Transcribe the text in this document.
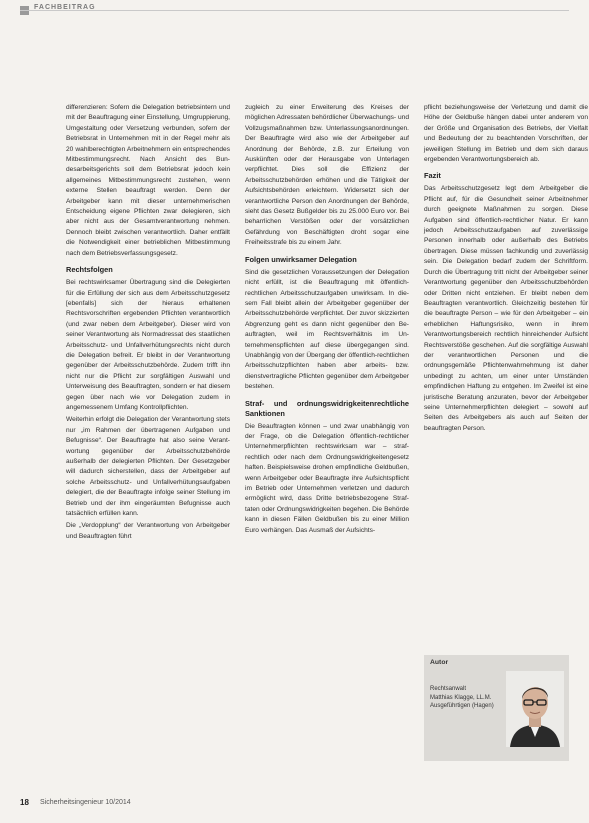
FACHBEITRAG

differenzieren: Sofern die Delegation betriebsintern und mit der Beauftragung einer Einstellung, Umgruppierung, Umgestaltung oder Versetzung verbunden, sofern der Betriebsrat in Unternehmen mit in der Regel mehr als 20 wahlberechtigten Arbeitnehmern ein entsprechendes Mitbestimmungsrecht. Nach Ansicht des Bundesarbeitsgerichts soll dem Betriebsrat jedoch kein allgemeines Mitbestimmungsrecht zustehen, wenn externe Stellen beauftragt werden. Denn der Arbeitgeber kann mit dieser unternehmerischen Entscheidung eigene Pflichten zwar delegieren, sich aber nicht aus der Gesamtverantwortung nehmen. Dennoch bleibt zwischen verantwortlich. Daher entfällt die Notwendigkeit einer betrieblichen Mitbestimmung nach dem Betriebsverfassungsgesetz.

Rechtsfolgen

Bei rechtswirksamer Übertragung sind die Delegierten für die Erfüllung der sich aus dem Arbeitsschutzgesetz [ebenfalls] sich der hieraus erhaltenen Rechtsvorschriften ergebenden Pflichten verantwortlich (und zwar neben dem Arbeitgeber). Dieser wird von seiner Verantwortung als Normadressat des staatlichen Arbeitsschutz- und Unfallverhütungsrechts nicht durch die Delegation befreit. Er bleibt in der Verantwortung gegenüber der Arbeitsschutzbehörde. Zudem trifft ihn nicht nur die Pflicht zur sorgfältigen Auswahl und Unterweisung des Beauftragten, sondern er hat diesem gegen über nach wie vor Delegation zudem in angemessenem Umfang Kontrollpflichten.

Weiterhin erfolgt die Delegation der Verantwortung stets nur „im Rahmen der übertragenen Aufgaben und Befugnisse“. Der Beauftragte hat also seine Verantwortung gegenüber der Arbeitsschutzbehörde außerhalb der delegierten Pflichten. Der Gesetzgeber will dadurch sicherstellen, dass der Arbeitgeber auf solche Arbeitsschutz- und Unfallverhütungsaufgaben delegiert, die der Beauftragte infolge seiner Stellung im Betrieb und der ihm eingeräumten Befugnisse auch tatsächlich erfüllen kann.

Die „Verdopplung“ der Verantwortung von Arbeitgeber und Beauftragten führt

zugleich zu einer Erweiterung des Kreises der möglichen Adressaten behördlicher Überwachungs- und Vollzugsmaßnahmen bzw. Unterlassungsanordnungen. Der Beauftragte wird also wie der Arbeitgeber auf Anordnung der Behörde, z.B. zur Erteilung von Auskünften oder der Herausgabe von Unterlagen verpflichtet. Dies soll die Effizienz der Arbeitsschutzbehörden erhöhen und die Tätigkeit der Aufsichtsbehörden erleichtern. Widersetzt sich der verantwortliche Person den Anordnungen der Behörde, sieht das Gesetz Bußgelder bis zu 25.000 Euro vor. Bei beharrlichen Verstößen oder der vorsätzlichen Gefährdung von Beschäftigten droht sogar eine Freiheitsstrafe bis zu einem Jahr.

Folgen unwirksamer Delegation

Sind die gesetzlichen Voraussetzungen der Delegation nicht erfüllt, ist die Beauftragung mit öffentlich-rechtlichen Arbeitsschutzaufgaben unwirksam. In diesem Fall bleibt allein der Arbeitgeber gegenüber der Arbeitsschutzbehörde verpflichtet. Der zuvor skizzierten Abgrenzung geht es dann nicht gegenüber den Beauftragten, weil im Rechtsverhältnis im Unternehmenspflichten auf diese übergegangen sind. Unabhängig von der Übergang der öffentlich-rechtlichen Arbeitsschutzpflichten haben aber arbeits- bzw. dienstvertragliche Pflichten gegenüber dem Arbeitgeber bestehen.

Straf- und ordnungswidrigkeitenrechtliche Sanktionen

Die Beauftragten können – und zwar unabhängig von der Frage, ob die Delegation öffentlich-rechtlicher Unternehmerpflichten rechtswirksam war – strafrechtlich oder nach dem Ordnungswidrigkeitengesetz haften. Beispielsweise drohen empfindliche Geldbußen, wenn Arbeitgeber oder Beauftragte ihre Aufsichtspflicht im Betrieb oder Unternehmen verletzen und dadurch ermöglicht wird, dass Dritte betriebsbezogene Straftaten oder Ordnungswidrigkeiten begehen. Die Behörde kann in diesen Fällen Geldbußen bis zu einer Million Euro verhängen. Das Ausmaß der Aufsichts-

pflicht beziehungsweise der Verletzung und damit die Höhe der Geldbuße hängen dabei unter anderem von der Größe und Organisation des Betriebs, der Vielfalt und Bedeutung der zu beachtenden Vorschriften, der jeweiligen Stellung im Betrieb und dem sich daraus ergebenden Verantwortungsbereich ab.

Fazit

Das Arbeitsschutzgesetz legt dem Arbeitgeber die Pflicht auf, für die Gesundheit seiner Arbeitnehmer durch geeignete Maßnahmen zu sorgen. Diese Aufgaben sind öffentlich-rechtlicher Natur. Er kann jedoch Arbeitsschutzaufgaben auf zuverlässige Personen innerhalb oder außerhalb des Betriebs übertragen. Diese müssen fachkundig und zuverlässig sein. Die Delegation bedarf zudem der Schriftform. Durch die Übertragung tritt nicht der Arbeitgeber seiner Verantwortung gegenüber den Arbeitsschutzbehörden oder Dritten nicht entziehen. Er bleibt neben dem Beauftragten verantwortlich. Gleichzeitig bestehen für die beauftragte Person – wie für den Arbeitgeber – ein erheblichen Haftungsrisiko, wenn in ihrem Verantwortungsbereich rechtlich hinreichender Aufsicht Rechtsverstöße geschehen. Auf die sorgfältige Auswahl der verantwortlichen Personen und die ordnungsgemäße Pflichtenwahrnehmung ist daher unbedingt zu achten, um einer unter Umständen empfindlichen Haftung zu entgehen. Im Zweifel ist eine juristische Beratung anzuraten, bevor der Arbeitgeber seine Unternehmerpflichten delegiert – sowohl auf Seiten des Arbeitgebers als auch auf Seiten der beauftragten Person.

Autor
Rechtsanwalt
Matthias Klagge, LL.M.
Ausgeführtigen (Hagen)
18 Sicherheitsingenieur 10/2014
